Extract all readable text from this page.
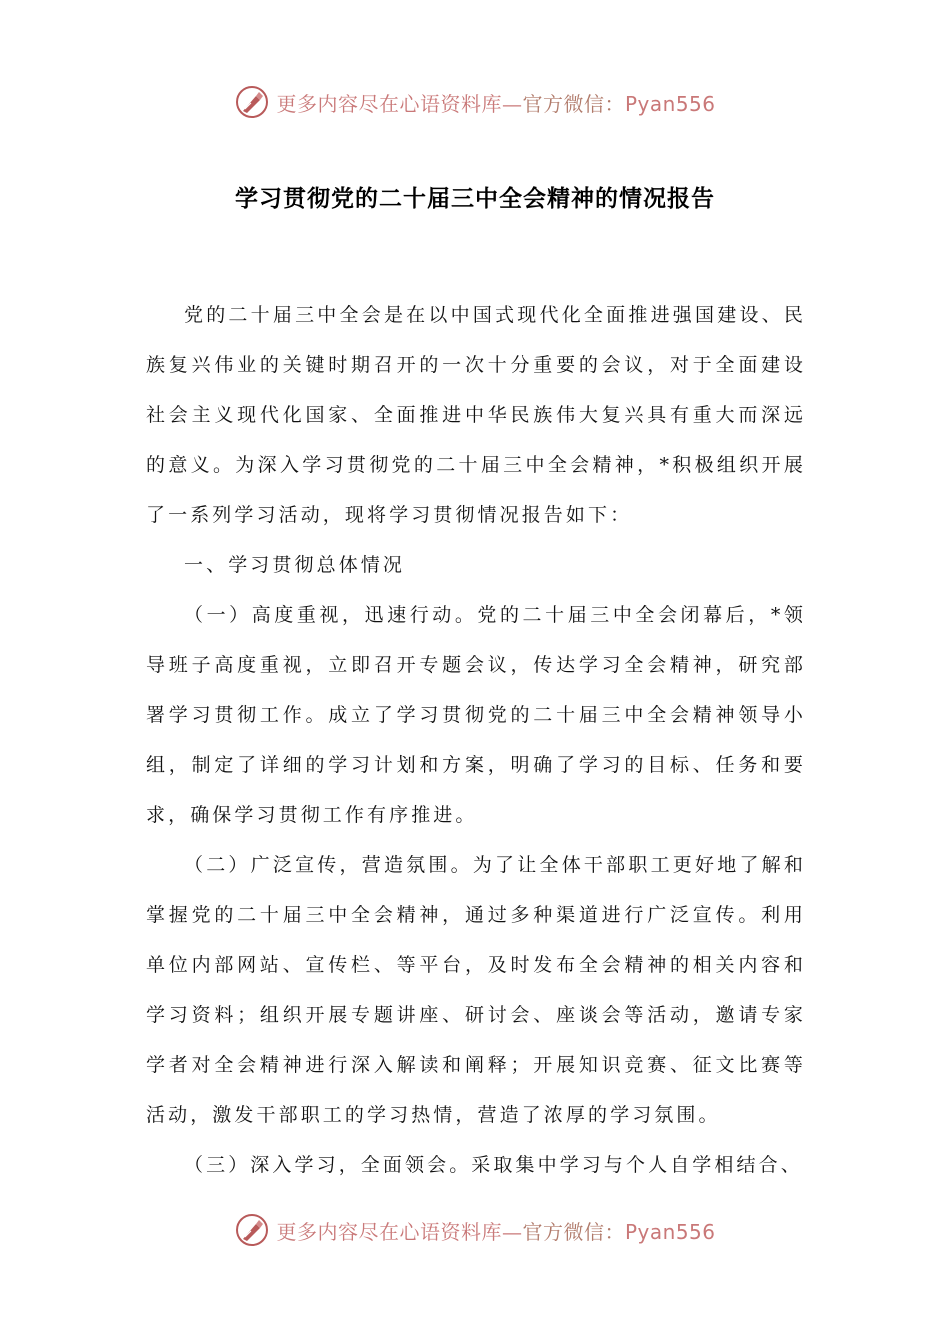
更多内容尽在心语资料库—官方微信：Pyan556
学习贯彻党的二十届三中全会精神的情况报告

党的二十届三中全会是在以中国式现代化全面推进强国建设、民族复兴伟业的关键时期召开的一次十分重要的会议，对于全面建设社会主义现代化国家、全面推进中华民族伟大复兴具有重大而深远的意义。为深入学习贯彻党的二十届三中全会精神，*积极组织开展了一系列学习活动，现将学习贯彻情况报告如下：

一、学习贯彻总体情况

（一）高度重视，迅速行动。党的二十届三中全会闭幕后，*领导班子高度重视，立即召开专题会议，传达学习全会精神，研究部署学习贯彻工作。成立了学习贯彻党的二十届三中全会精神领导小组，制定了详细的学习计划和方案，明确了学习的目标、任务和要求，确保学习贯彻工作有序推进。

（二）广泛宣传，营造氛围。为了让全体干部职工更好地了解和掌握党的二十届三中全会精神，通过多种渠道进行广泛宣传。利用单位内部网站、宣传栏、等平台，及时发布全会精神的相关内容和学习资料；组织开展专题讲座、研讨会、座谈会等活动，邀请专家学者对全会精神进行深入解读和阐释；开展知识竞赛、征文比赛等活动，激发干部职工的学习热情，营造了浓厚的学习氛围。

（三）深入学习，全面领会。采取集中学习与个人自学相结合、

更多内容尽在心语资料库—官方微信：Pyan556
